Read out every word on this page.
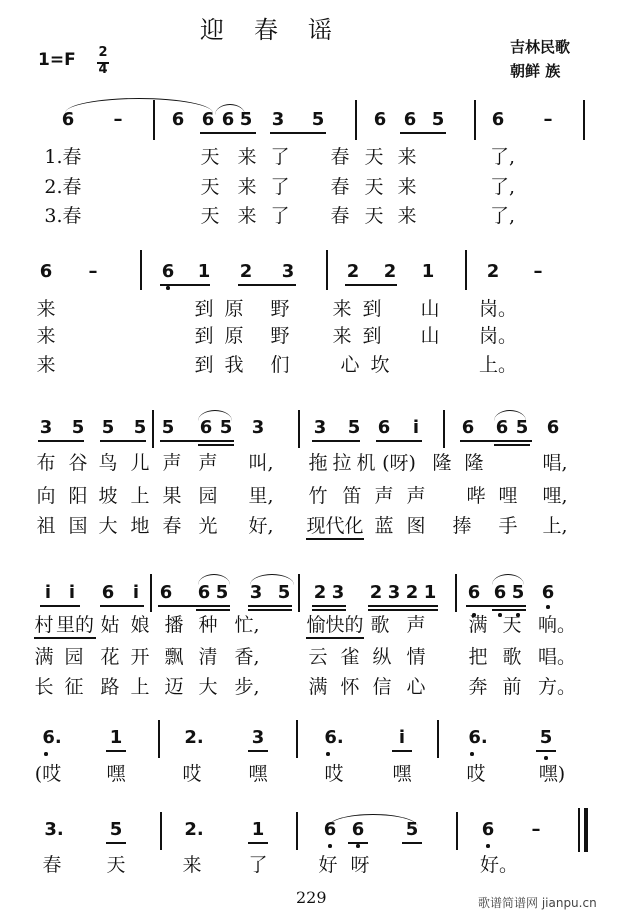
迎春谣
吉林民歌
朝鲜 族
1=F 2
4
6 –	6 6 6 5 3 5	6 6 5	6 –
1.春	天 来 了 春 天 来	了,
2.春	天 来 了 春 天 来	了,
3.春	天 来 了 春 天 来	了,
6 –	6 1 2 3	2 2 1	2 –
来	到 原 野 来 到 山 岗。
来	到 原 野 来 到 山 岗。
来	到 我 们	心 坎	上。
3 5 5 5 5 6 5 3	3 5 6 i 6 6 5 6
布 谷 鸟 儿 声 声 叫, 拖 拉 机 (呀) 隆 隆	唱,
向 阳 坡 上 果 园 里, 竹 笛 声 声 哔 哩 哩,
祖 国 大 地 春 光 好, 现代化 蓝 图 捧 手 上,
i i 6 i 6 6 5 3 5 2 3 2 3 2 1 6 6 5 6
村 里的 姑 娘 播 种 忙, 愉快的 歌 声 满 天 响。
满 园 花 开 飘 清 香,	云 雀 纵 情 把 歌 唱。
长 征 路 上 迈 大 步,	满 怀 信 心 奔 前 方。
6.	1	2.	3	6.	i	6.	5
(哎 嘿	哎 嘿	哎	嘿	哎	嘿)
3.	5	2.	1	6 6 5	6 –
春 天	来 了	好 呀	好。
229	歌谱简谱网 jianpu.cn
